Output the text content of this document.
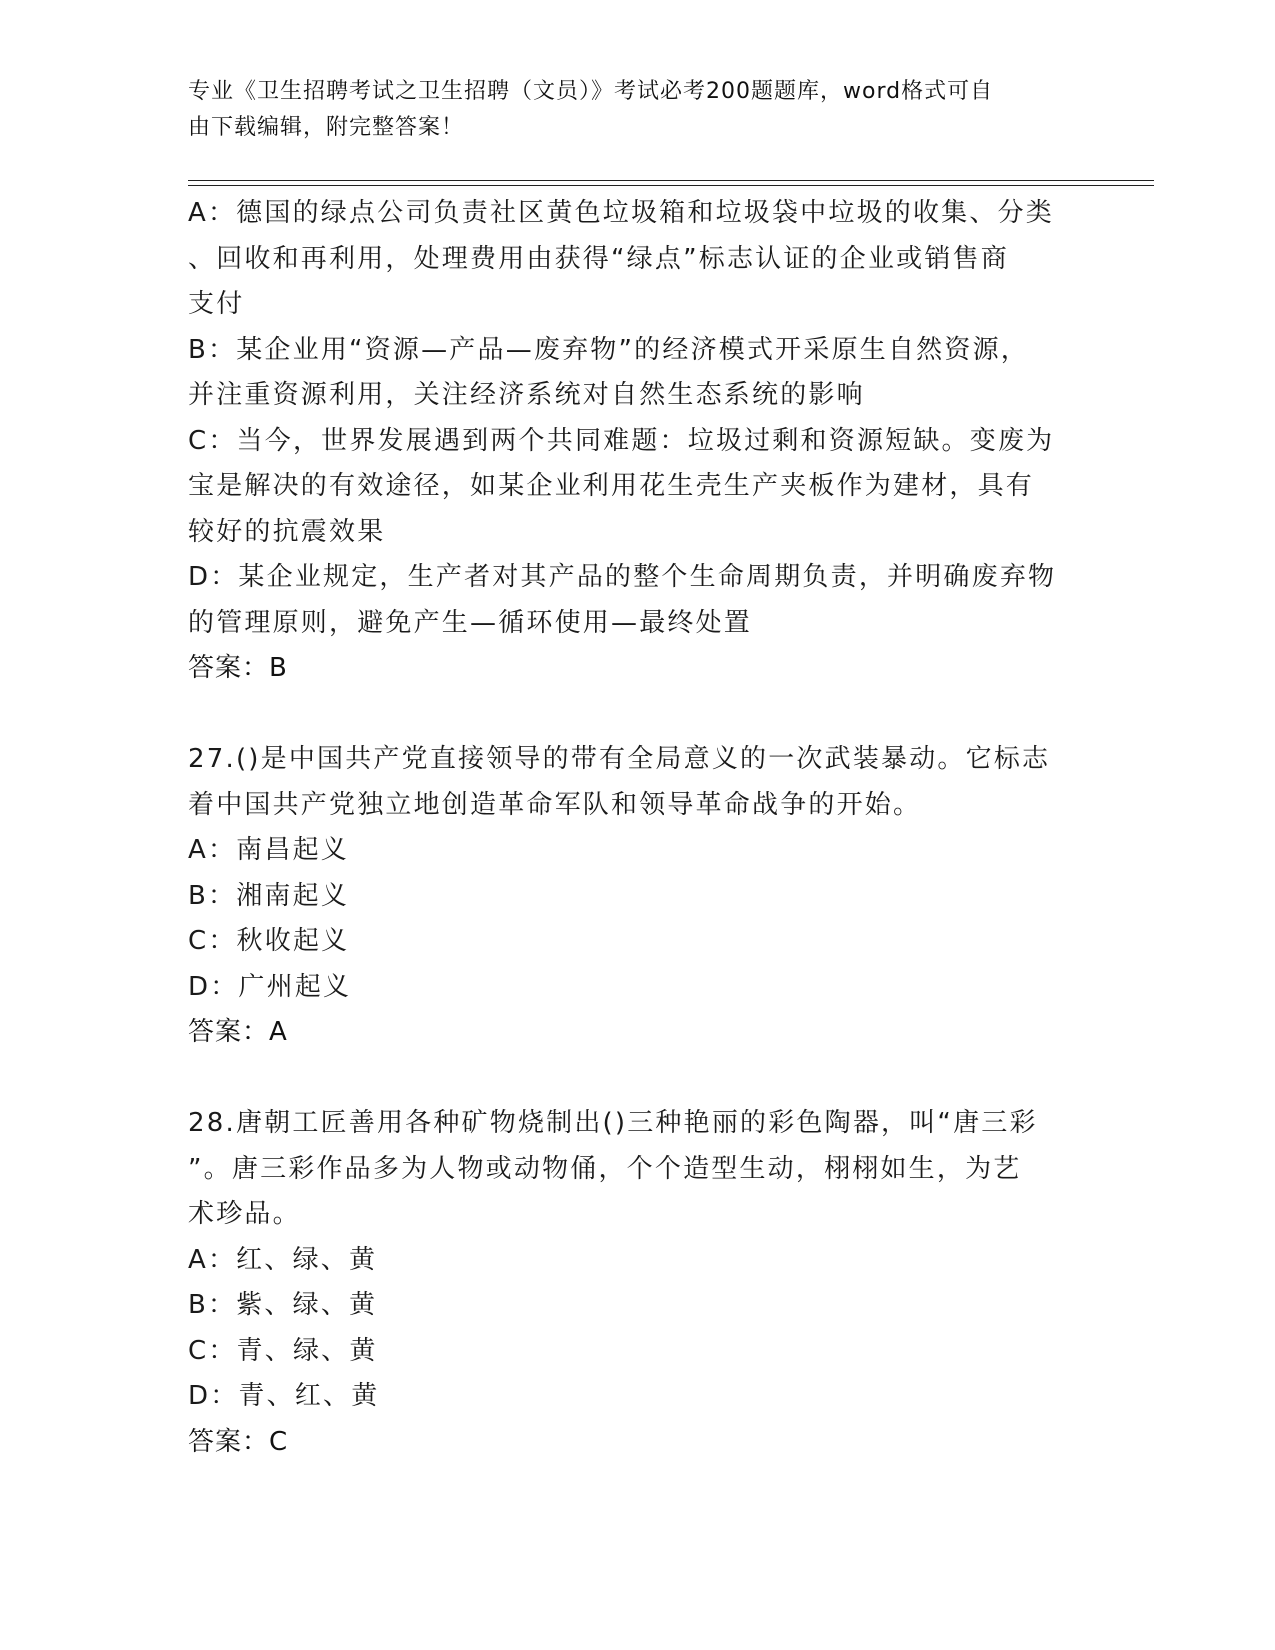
专业《卫生招聘考试之卫生招聘（文员）》考试必考200题题库，word格式可自
由下载编辑，附完整答案！
A：德国的绿点公司负责社区黄色垃圾箱和垃圾袋中垃圾的收集、分类
、回收和再利用，处理费用由获得“绿点”标志认证的企业或销售商
支付
B：某企业用“资源—产品—废弃物”的经济模式开采原生自然资源，
并注重资源利用，关注经济系统对自然生态系统的影响
C：当今，世界发展遇到两个共同难题：垃圾过剩和资源短缺。变废为
宝是解决的有效途径，如某企业利用花生壳生产夹板作为建材，具有
较好的抗震效果
D：某企业规定，生产者对其产品的整个生命周期负责，并明确废弃物
的管理原则，避免产生—循环使用—最终处置
答案：B
27.()是中国共产党直接领导的带有全局意义的一次武装暴动。它标志
着中国共产党独立地创造革命军队和领导革命战争的开始。
A：南昌起义
B：湘南起义
C：秋收起义
D：广州起义
答案：A
28.唐朝工匠善用各种矿物烧制出()三种艳丽的彩色陶器，叫“唐三彩
”。唐三彩作品多为人物或动物俑，个个造型生动，栩栩如生，为艺
术珍品。
A：红、绿、黄
B：紫、绿、黄
C：青、绿、黄
D：青、红、黄
答案：C
